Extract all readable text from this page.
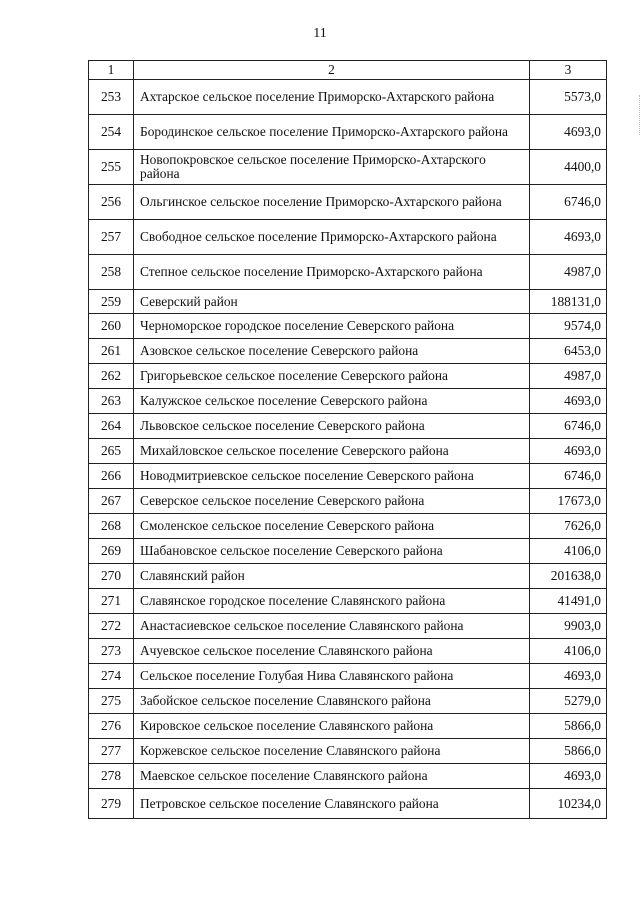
11
1	2	3
253	Ахтарское сельское поселение Приморско-Ахтарского района	5573,0
254	Бородинское сельское поселение Приморско-Ахтарского района	4693,0
255	Новопокровское сельское поселение Приморско-Ахтарского района	4400,0
256	Ольгинское сельское поселение Приморско-Ахтарского района	6746,0
257	Свободное сельское поселение Приморско-Ахтарского района	4693,0
258	Степное сельское поселение Приморско-Ахтарского района	4987,0
259	Северский район	188131,0
260	Черноморское городское поселение Северского района	9574,0
261	Азовское сельское поселение Северского района	6453,0
262	Григорьевское сельское поселение Северского района	4987,0
263	Калужское сельское поселение Северского района	4693,0
264	Львовское сельское поселение Северского района	6746,0
265	Михайловское сельское поселение Северского района	4693,0
266	Новодмитриевское сельское поселение Северского района	6746,0
267	Северское сельское поселение Северского района	17673,0
268	Смоленское сельское поселение Северского района	7626,0
269	Шабановское сельское поселение Северского района	4106,0
270	Славянский район	201638,0
271	Славянское городское поселение Славянского района	41491,0
272	Анастасиевское сельское поселение Славянского района	9903,0
273	Ачуевское сельское поселение Славянского района	4106,0
274	Сельское поселение Голубая Нива Славянского района	4693,0
275	Забойское сельское поселение Славянского района	5279,0
276	Кировское сельское поселение Славянского района	5866,0
277	Коржевское сельское поселение Славянского района	5866,0
278	Маевское сельское поселение Славянского района	4693,0
279	Петровское сельское поселение Славянского района	10234,0
